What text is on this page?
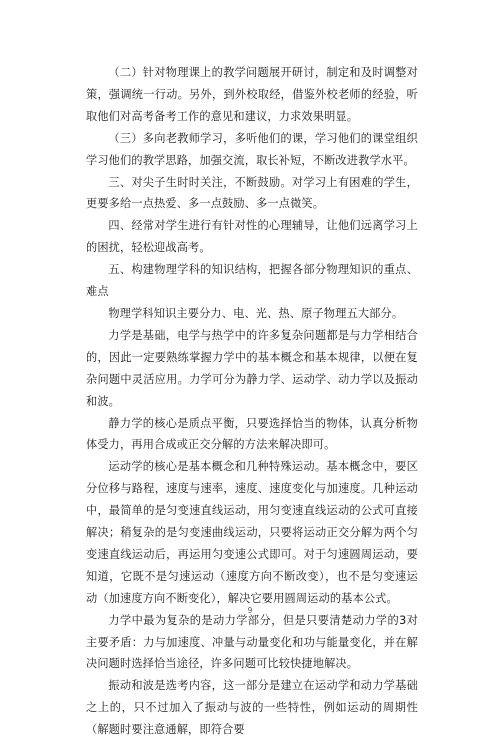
（二）针对物理课上的教学问题展开研讨，制定和及时调整对策，强调统一行动。另外，到外校取经，借鉴外校老师的经验，听取他们对高考备考工作的意见和建议，力求效果明显。

（三）多向老教师学习，多听他们的课，学习他们的课堂组织学习他们的教学思路，加强交流，取长补短，不断改进教学水平。

三、对尖子生时时关注，不断鼓励。对学习上有困难的学生，更要多给一点热爱、多一点鼓励、多一点微笑。

四、经常对学生进行有针对性的心理辅导，让他们远离学习上的困扰，轻松迎战高考。

五、构建物理学科的知识结构，把握各部分物理知识的重点、难点

物理学科知识主要分力、电、光、热、原子物理五大部分。

力学是基础，电学与热学中的许多复杂问题都是与力学相结合的，因此一定要熟练掌握力学中的基本概念和基本规律，以便在复杂问题中灵活应用。力学可分为静力学、运动学、动力学以及振动和波。

静力学的核心是质点平衡，只要选择恰当的物体，认真分析物体受力，再用合成或正交分解的方法来解决即可。

运动学的核心是基本概念和几种特殊运动。基本概念中，要区分位移与路程，速度与速率，速度、速度变化与加速度。几种运动中，最简单的是匀变速直线运动，用匀变速直线运动的公式可直接解决；稍复杂的是匀变速曲线运动，只要将运动正交分解为两个匀变速直线运动后，再运用匀变速公式即可。对于匀速圆周运动，要知道，它既不是匀速运动（速度方向不断改变），也不是匀变速运动（加速度方向不断变化），解决它要用圆周运动的基本公式。

力学中最为复杂的是动力学部分，但是只要清楚动力学的3对主要矛盾：力与加速度、冲量与动量变化和功与能量变化，并在解决问题时选择恰当途径，许多问题可比较快捷地解决。

振动和波是选考内容，这一部分是建立在运动学和动力学基础之上的，只不过加入了振动与波的一些特性，例如运动的周期性（解题时要注意通解，即符合要

9
